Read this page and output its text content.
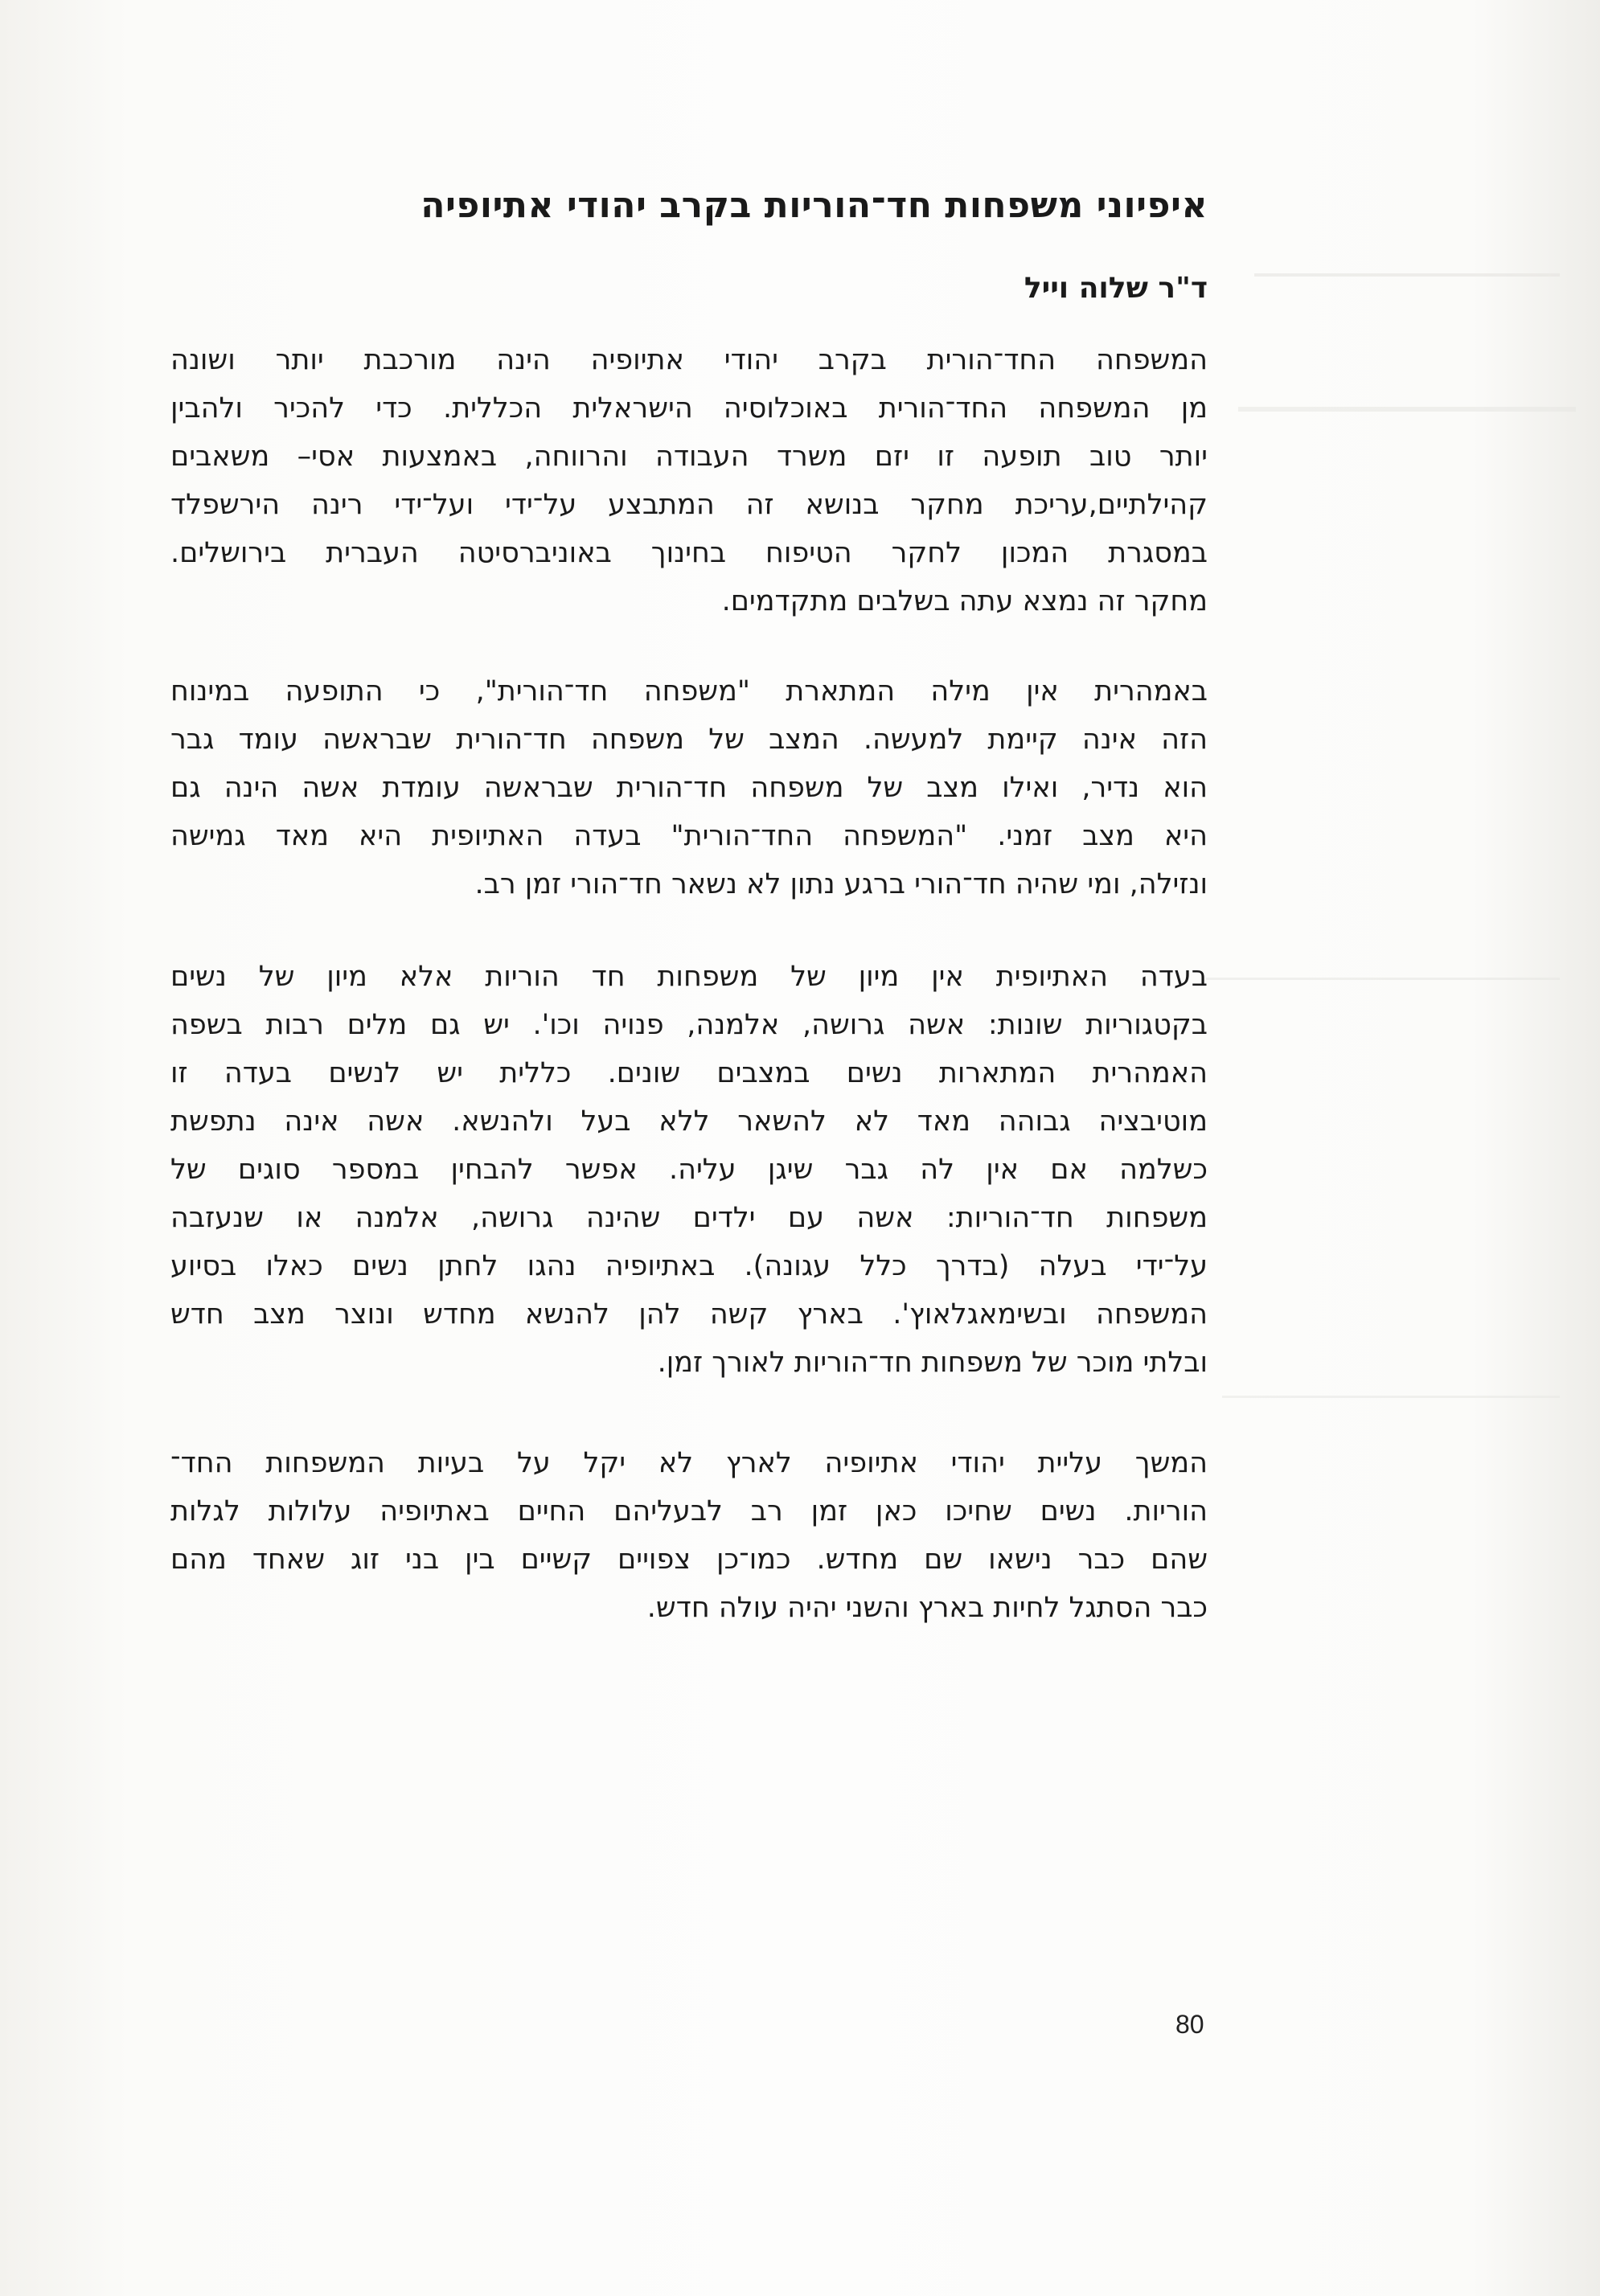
איפיוני משפחות חד־הוריות בקרב יהודי אתיופיה
ד"ר שלוה וייל
המשפחה החד־הורית בקרב יהודי אתיופיה הינה מורכבת יותר ושונה
מן המשפחה החד־הורית באוכלוסיה הישראלית הכללית. כדי להכיר ולהבין
יותר טוב תופעה זו יזם משרד העבודה והרווחה, באמצעות אסי– משאבים
קהילתיים,עריכת מחקר בנושא זה המתבצע על־ידי ועל־ידי רינה הירשפלד
במסגרת המכון לחקר הטיפוח בחינוך באוניברסיטה העברית בירושלים.
מחקר זה נמצא עתה בשלבים מתקדמים.
באמהרית אין מילה המתארת "משפחה חד־הורית", כי התופעה במינוח
הזה אינה קיימת למעשה. המצב של משפחה חד־הורית שבראשה עומד גבר
הוא נדיר, ואילו מצב של משפחה חד־הורית שבראשה עומדת אשה הינה גם
היא מצב זמני. "המשפחה החד־הורית" בעדה האתיופית היא מאד גמישה
ונזילה, ומי שהיה חד־הורי ברגע נתון לא נשאר חד־הורי זמן רב.
בעדה האתיופית אין מיון של משפחות חד הוריות אלא מיון של נשים
בקטגוריות שונות: אשה גרושה, אלמנה, פנויה וכו'. יש גם מלים רבות בשפה
האמהרית המתארות נשים במצבים שונים. כללית יש לנשים בעדה זו
מוטיבציה גבוהה מאד לא להשאר ללא בעל ולהנשא. אשה אינה נתפשת
כשלמה אם אין לה גבר שיגן עליה. אפשר להבחין במספר סוגים של
משפחות חד־הוריות: אשה עם ילדים שהינה גרושה, אלמנה או שנעזבה
על־ידי בעלה (בדרך כלל עגונה). באתיופיה נהגו לחתן נשים כאלו בסיוע
המשפחה ובשימאגלאוץ'. בארץ קשה להן להנשא מחדש ונוצר מצב חדש
ובלתי מוכר של משפחות חד־הוריות לאורך זמן.
המשך עליית יהודי אתיופיה לארץ לא יקל על בעיות המשפחות החד־
הוריות. נשים שחיכו כאן זמן רב לבעליהם החיים באתיופיה עלולות לגלות
שהם כבר נישאו שם מחדש. כמו־כן צפויים קשיים בין בני זוג שאחד מהם
כבר הסתגל לחיות בארץ והשני יהיה עולה חדש.
80
